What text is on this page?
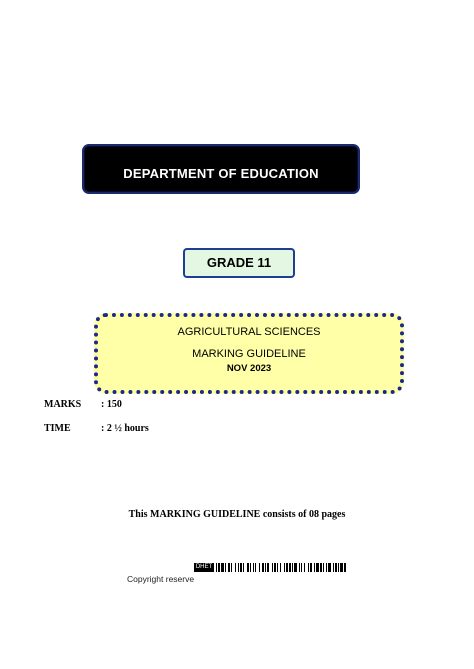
DEPARTMENT OF EDUCATION
GRADE 11
AGRICULTURAL SCIENCES
MARKING GUIDELINE
NOV 2023
MARKS : 150
TIME	: 2 ½ hours
This MARKING GUIDELINE consists of 08 pages
DHET
Copyright reserve
